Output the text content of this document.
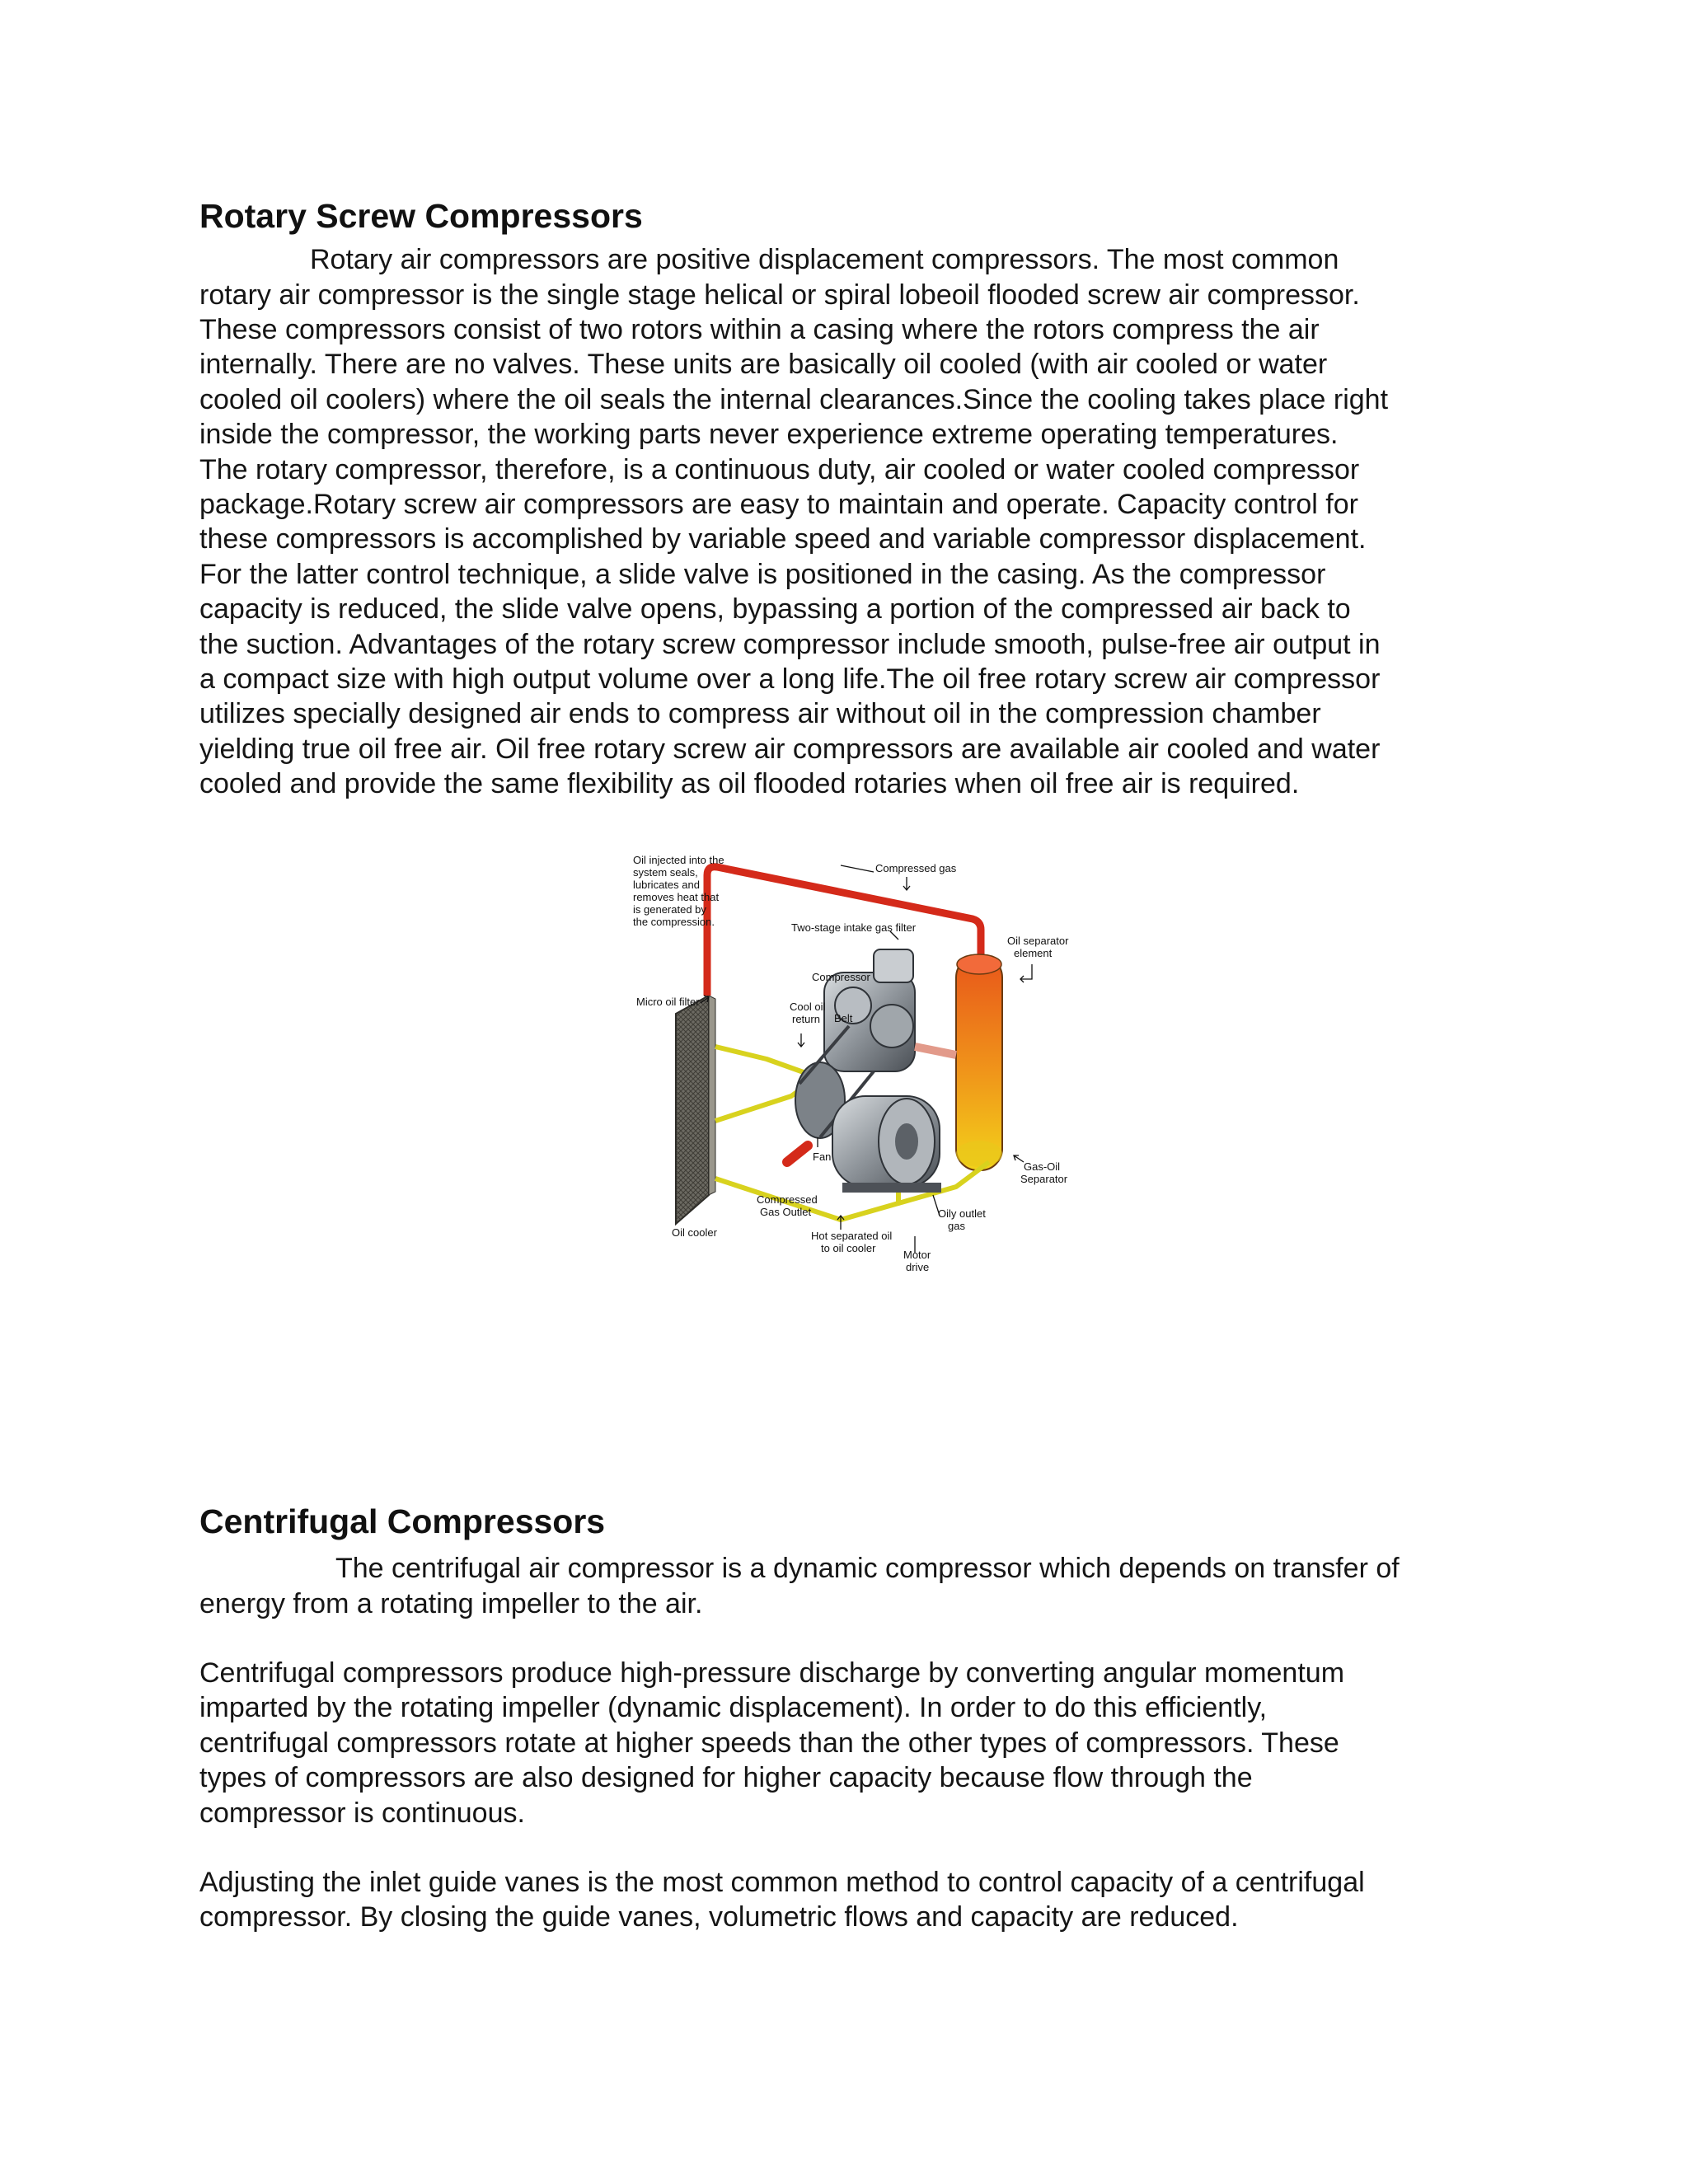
Rotary Screw Compressors
Rotary air compressors are positive displacement compressors. The most common
rotary air compressor is the single stage helical or spiral lobeoil flooded screw air compressor.
These compressors consist of two rotors within a casing where the rotors compress the air
internally. There are no valves. These units are basically oil cooled (with air cooled or water
cooled oil coolers) where the oil seals the internal clearances.Since the cooling takes place right
inside the compressor, the working parts never experience extreme operating temperatures.
The rotary compressor, therefore, is a continuous duty, air cooled or water cooled compressor
package.Rotary screw air compressors are easy to maintain and operate. Capacity control for
these compressors is accomplished by variable speed and variable compressor displacement.
For the latter control technique, a slide valve is positioned in the casing. As the compressor
capacity is reduced, the slide valve opens, bypassing a portion of the compressed air back to
the suction. Advantages of the rotary screw compressor include smooth, pulse-free air output in
a compact size with high output volume over a long life.The oil free rotary screw air compressor
utilizes specially designed air ends to compress air without oil in the compression chamber
yielding true oil free air. Oil free rotary screw air compressors are available air cooled and water
cooled and provide the same flexibility as oil flooded rotaries when oil free air is required.
Oil injected into the system seals, lubricates and removes heat that is generated by the compression.
Compressed gas
Two-stage intake gas filter
Oil separator element
Compressor
Micro oil filter	Cool oil return	Belt
Fan
Gas-Oil Separator
Compressed Gas Outlet	Oily outlet gas
Oil cooler	Hot separated oil to oil cooler
Motor drive
Centrifugal Compressors
The centrifugal air compressor is a dynamic compressor which depends on transfer of
energy from a rotating impeller to the air.
Centrifugal compressors produce high-pressure discharge by converting angular momentum
imparted by the rotating impeller (dynamic displacement). In order to do this efficiently,
centrifugal compressors rotate at higher speeds than the other types of compressors. These
types of compressors are also designed for higher capacity because flow through the
compressor is continuous.
Adjusting the inlet guide vanes is the most common method to control capacity of a centrifugal
compressor. By closing the guide vanes, volumetric flows and capacity are reduced.
